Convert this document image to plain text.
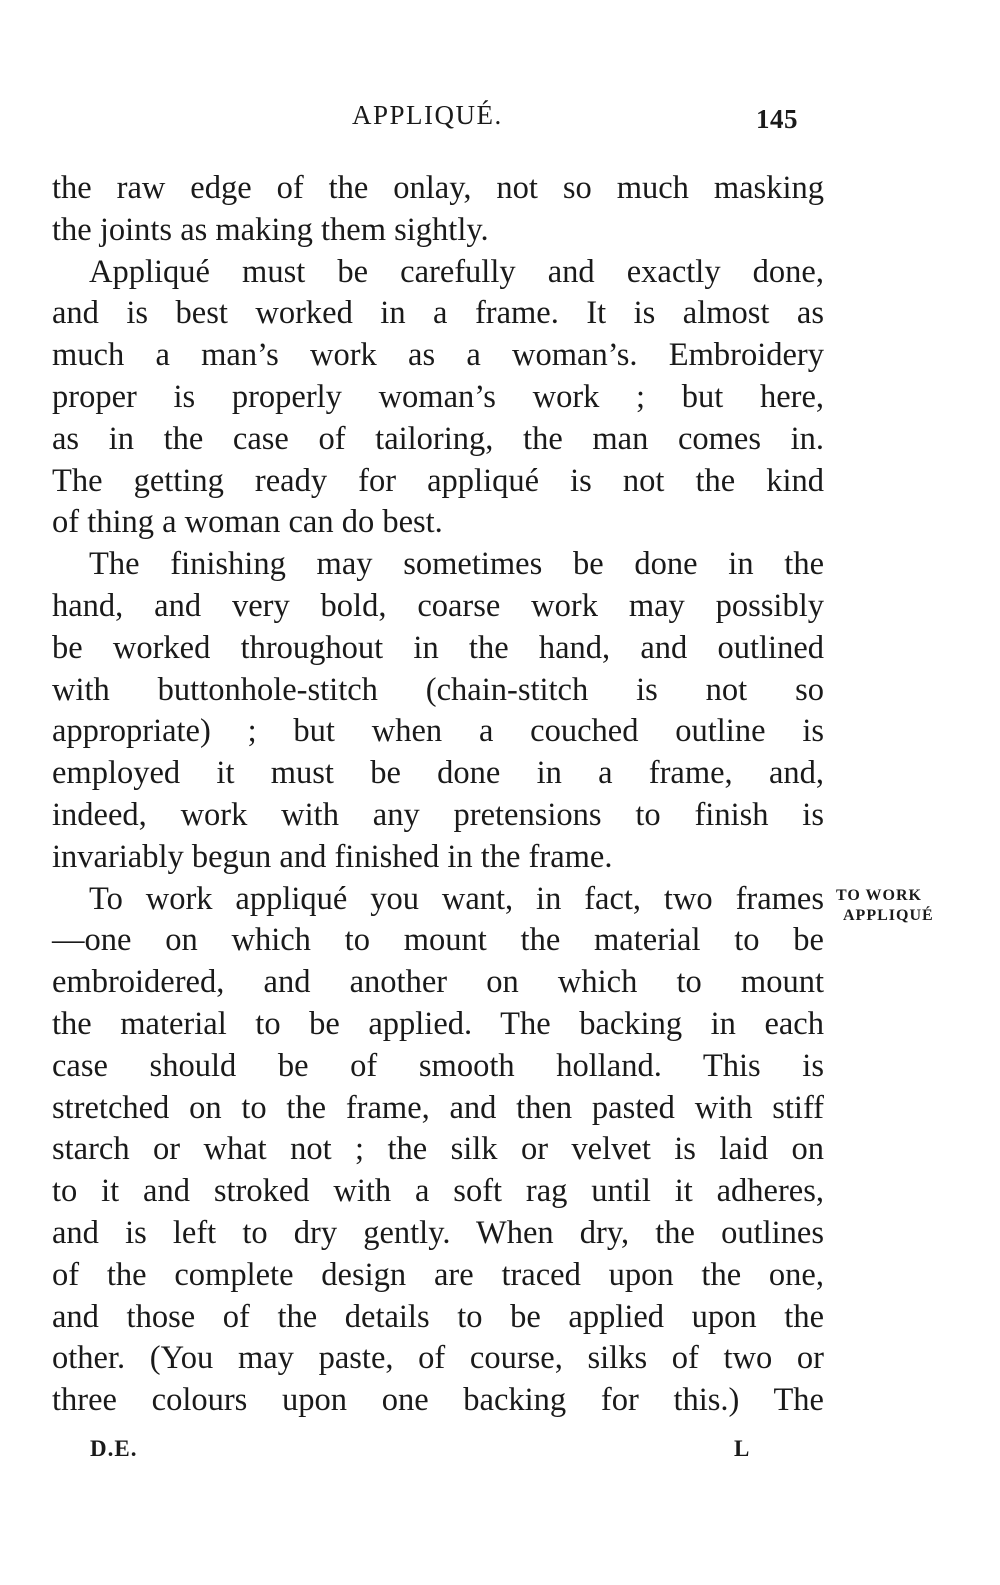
APPLIQUÉ.	145
the raw edge of the onlay, not so much masking
the joints as making them sightly.
Appliqué must be carefully and exactly done,
and is best worked in a frame. It is almost as
much a man’s work as a woman’s. Embroidery
proper is properly woman’s work ; but here,
as in the case of tailoring, the man comes in.
The getting ready for appliqué is not the kind
of thing a woman can do best.
The finishing may sometimes be done in the
hand, and very bold, coarse work may possibly
be worked throughout in the hand, and outlined
with buttonhole-stitch (chain-stitch is not so
appropriate) ; but when a couched outline is
employed it must be done in a frame, and,
indeed, work with any pretensions to finish is
invariably begun and finished in the frame.
To work appliqué you want, in fact, two frames
—one on which to mount the material to be
embroidered, and another on which to mount
the material to be applied. The backing in each
case should be of smooth holland. This is
stretched on to the frame, and then pasted with stiff
starch or what not ; the silk or velvet is laid on
to it and stroked with a soft rag until it adheres,
and is left to dry gently. When dry, the outlines
of the complete design are traced upon the one,
and those of the details to be applied upon the
other. (You may paste, of course, silks of two or
three colours upon one backing for this.) The
TO WORK
APPLIQUÉ
D.E.	L
